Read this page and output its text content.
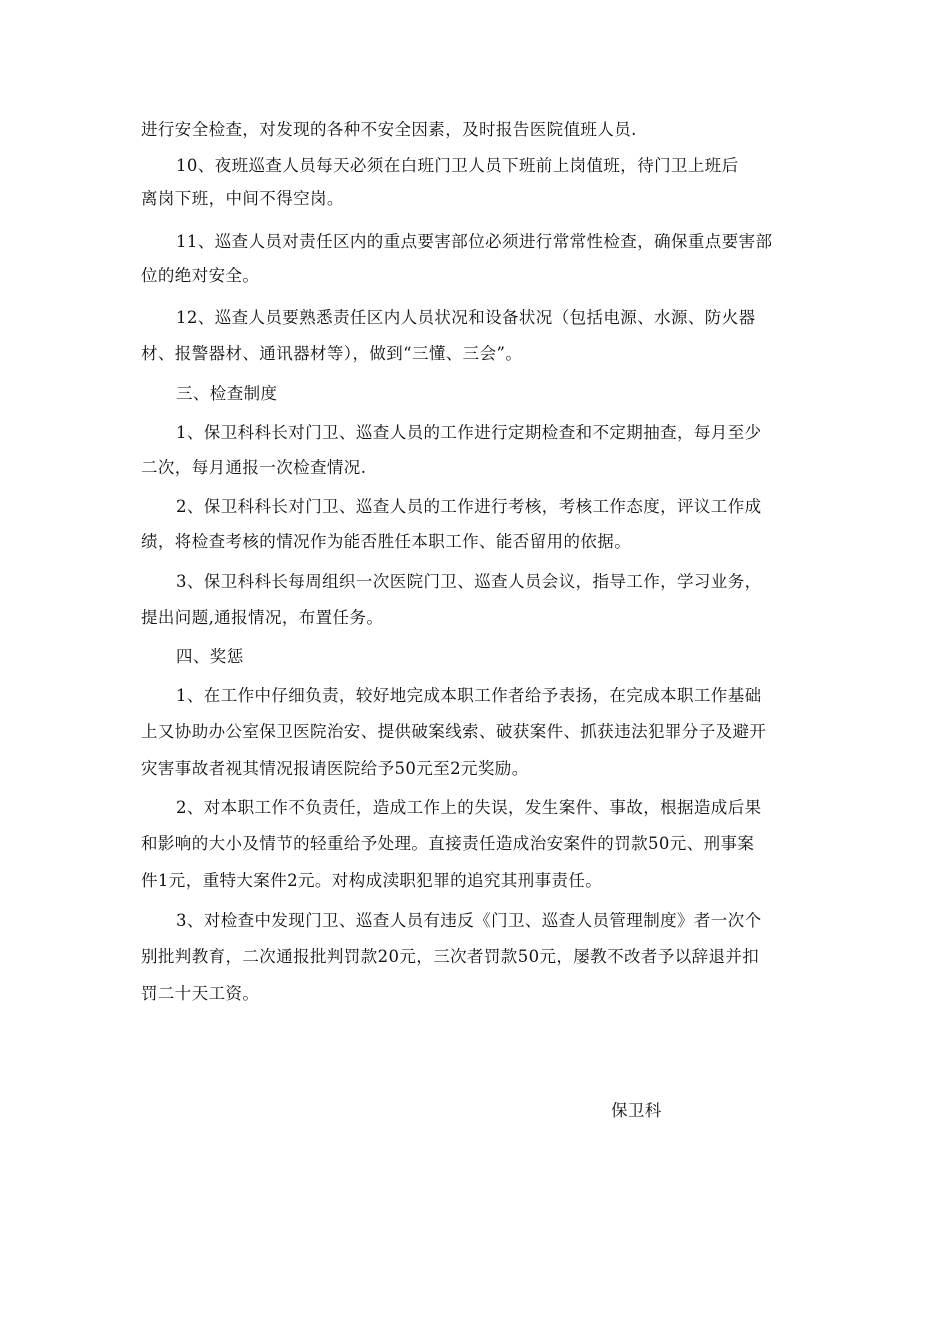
进行安全检查，对发现的各种不安全因素，及时报告医院值班人员.
10、夜班巡查人员每天必须在白班门卫人员下班前上岗值班，待门卫上班后
离岗下班，中间不得空岗。
11、巡查人员对责任区内的重点要害部位必须进行常常性检查，确保重点要害部
位的绝对安全。
12、巡查人员要熟悉责任区内人员状况和设备状况（包括电源、水源、防火器
材、报警器材、通讯器材等），做到“三懂、三会”。
三、检查制度
1、保卫科科长对门卫、巡查人员的工作进行定期检查和不定期抽查，每月至少
二次，每月通报一次检查情况.
2、保卫科科长对门卫、巡查人员的工作进行考核，考核工作态度，评议工作成
绩，将检查考核的情况作为能否胜任本职工作、能否留用的依据。
3、保卫科科长每周组织一次医院门卫、巡查人员会议，指导工作，学习业务，
提出问题,通报情况，布置任务。
四、奖惩
1、在工作中仔细负责，较好地完成本职工作者给予表扬，在完成本职工作基础
上又协助办公室保卫医院治安、提供破案线索、破获案件、抓获违法犯罪分子及避开
灾害事故者视其情况报请医院给予50元至2元奖励。
2、对本职工作不负责任，造成工作上的失误，发生案件、事故，根据造成后果
和影响的大小及情节的轻重给予处理。直接责任造成治安案件的罚款50元、刑事案
件1元，重特大案件2元。对构成渎职犯罪的追究其刑事责任。
3、对检查中发现门卫、巡查人员有违反《门卫、巡查人员管理制度》者一次个
别批判教育，二次通报批判罚款20元，三次者罚款50元，屡教不改者予以辞退并扣
罚二十天工资。
保卫科
